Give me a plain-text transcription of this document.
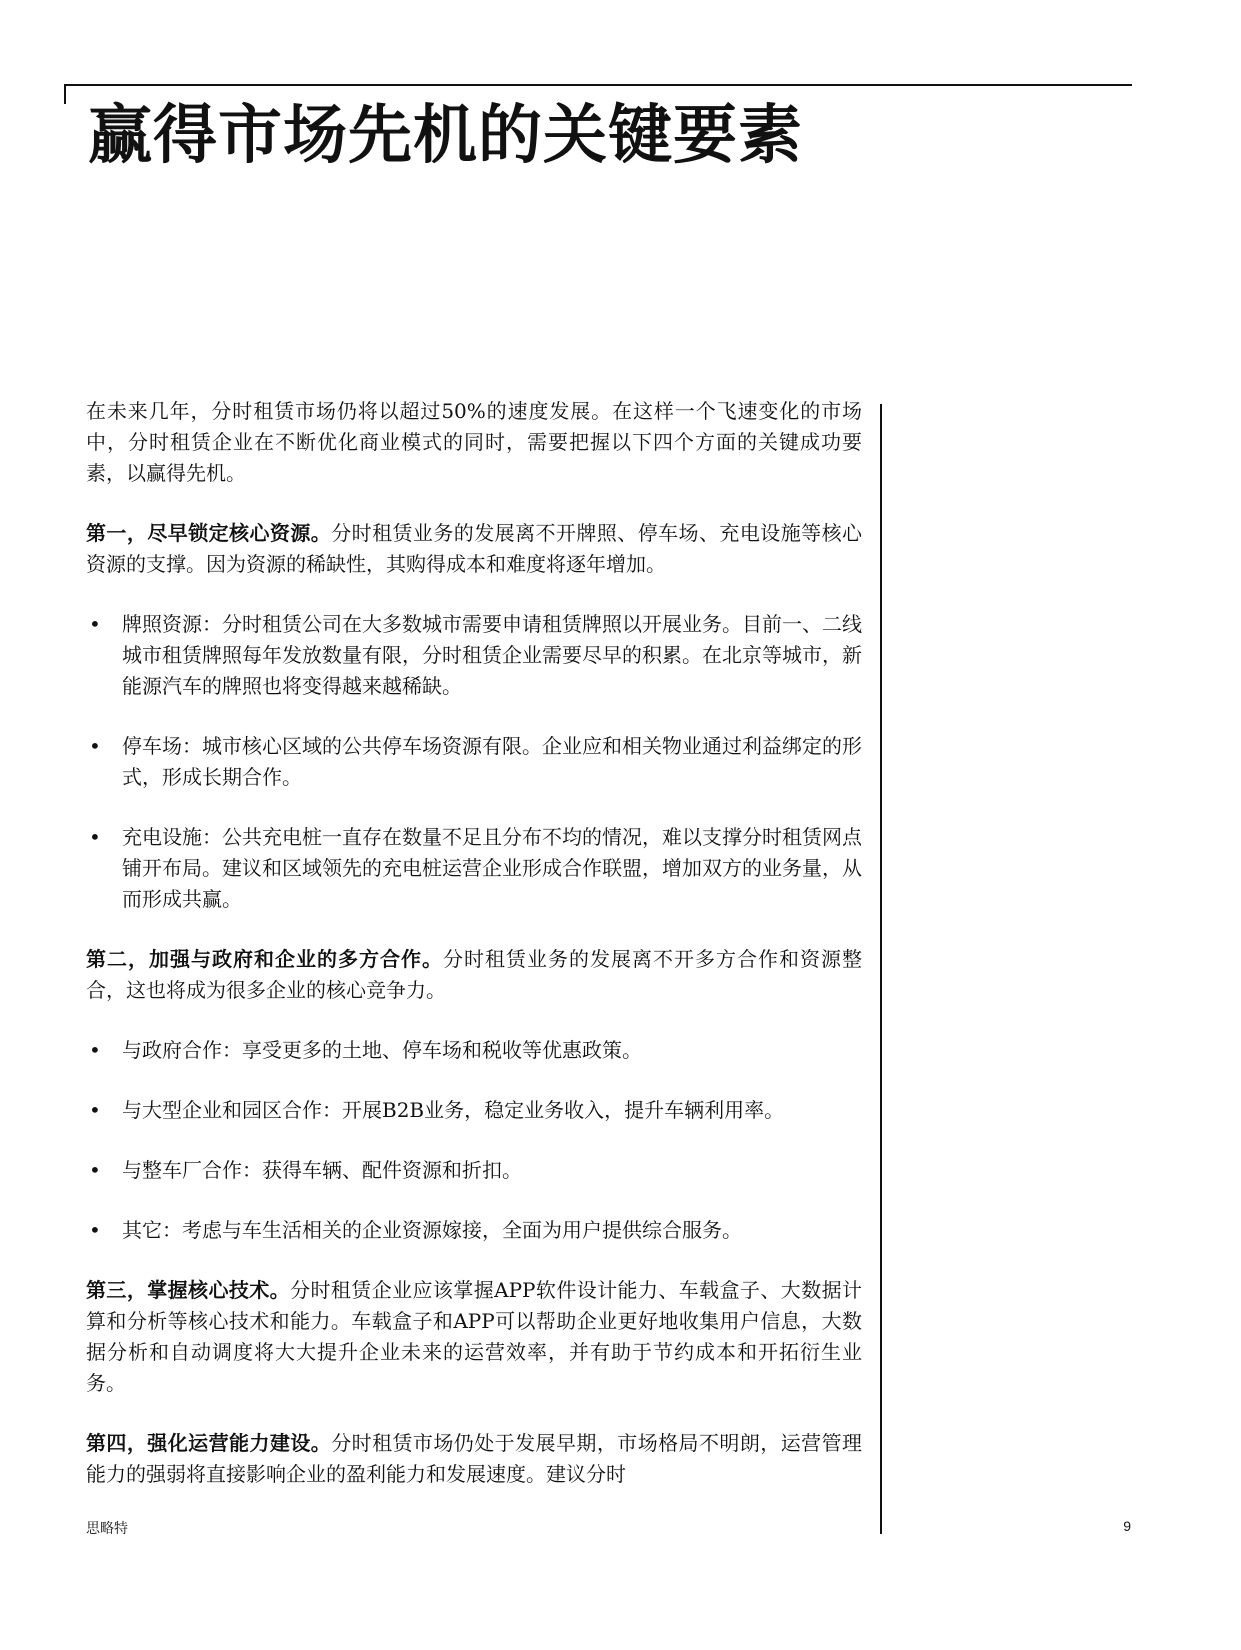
赢得市场先机的关键要素

在未来几年，分时租赁市场仍将以超过50%的速度发展。在这样一个飞速变化的市场中，分时租赁企业在不断优化商业模式的同时，需要把握以下四个方面的关键成功要素，以赢得先机。

第一，尽早锁定核心资源。分时租赁业务的发展离不开牌照、停车场、充电设施等核心资源的支撑。因为资源的稀缺性，其购得成本和难度将逐年增加。

• 牌照资源：分时租赁公司在大多数城市需要申请租赁牌照以开展业务。目前一、二线城市租赁牌照每年发放数量有限，分时租赁企业需要尽早的积累。在北京等城市，新能源汽车的牌照也将变得越来越稀缺。
• 停车场：城市核心区域的公共停车场资源有限。企业应和相关物业通过利益绑定的形式，形成长期合作。
• 充电设施：公共充电桩一直存在数量不足且分布不均的情况，难以支撑分时租赁网点铺开布局。建议和区域领先的充电桩运营企业形成合作联盟，增加双方的业务量，从而形成共赢。

第二，加强与政府和企业的多方合作。分时租赁业务的发展离不开多方合作和资源整合，这也将成为很多企业的核心竞争力。

• 与政府合作：享受更多的土地、停车场和税收等优惠政策。
• 与大型企业和园区合作：开展B2B业务，稳定业务收入，提升车辆利用率。
• 与整车厂合作：获得车辆、配件资源和折扣。
• 其它：考虑与车生活相关的企业资源嫁接，全面为用户提供综合服务。

第三，掌握核心技术。分时租赁企业应该掌握APP软件设计能力、车载盒子、大数据计算和分析等核心技术和能力。车载盒子和APP可以帮助企业更好地收集用户信息，大数据分析和自动调度将大大提升企业未来的运营效率，并有助于节约成本和开拓衍生业务。

第四，强化运营能力建设。分时租赁市场仍处于发展早期，市场格局不明朗，运营管理能力的强弱将直接影响企业的盈利能力和发展速度。建议分时

思略特	9
